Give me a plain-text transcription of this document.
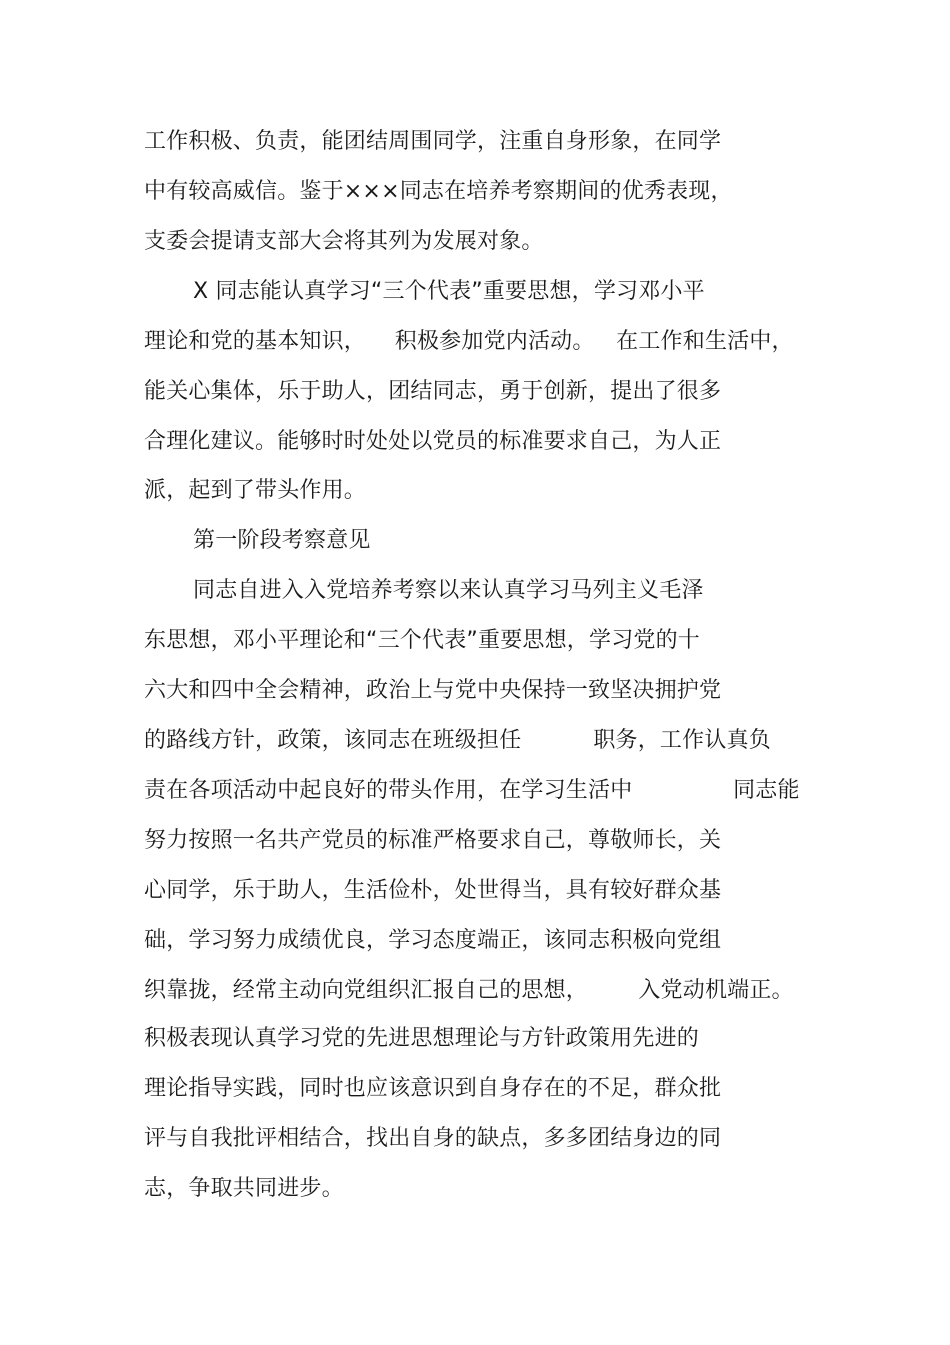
工作积极、负责，能团结周围同学，注重自身形象，在同学
中有较高威信。鉴于×××同志在培养考察期间的优秀表现，
支委会提请支部大会将其列为发展对象。
X 同志能认真学习“三个代表”重要思想，学习邓小平
理论和党的基本知识，    积极参加党内活动。   在工作和生活中，
能关心集体，乐于助人，团结同志，勇于创新，提出了很多
合理化建议。能够时时处处以党员的标准要求自己，为人正
派，起到了带头作用。
第一阶段考察意见
同志自进入入党培养考察以来认真学习马列主义毛泽
东思想，邓小平理论和“三个代表”重要思想，学习党的十
六大和四中全会精神，政治上与党中央保持一致坚决拥护党
的路线方针，政策，该同志在班级担任          职务，工作认真负
责在各项活动中起良好的带头作用，在学习生活中              同志能
努力按照一名共产党员的标准严格要求自己，尊敬师长，关
心同学，乐于助人，生活俭朴，处世得当，具有较好群众基
础，学习努力成绩优良，学习态度端正，该同志积极向党组
织靠拢，经常主动向党组织汇报自己的思想，       入党动机端正。
积极表现认真学习党的先进思想理论与方针政策用先进的
理论指导实践，同时也应该意识到自身存在的不足，群众批
评与自我批评相结合，找出自身的缺点，多多团结身边的同
志，争取共同进步。
